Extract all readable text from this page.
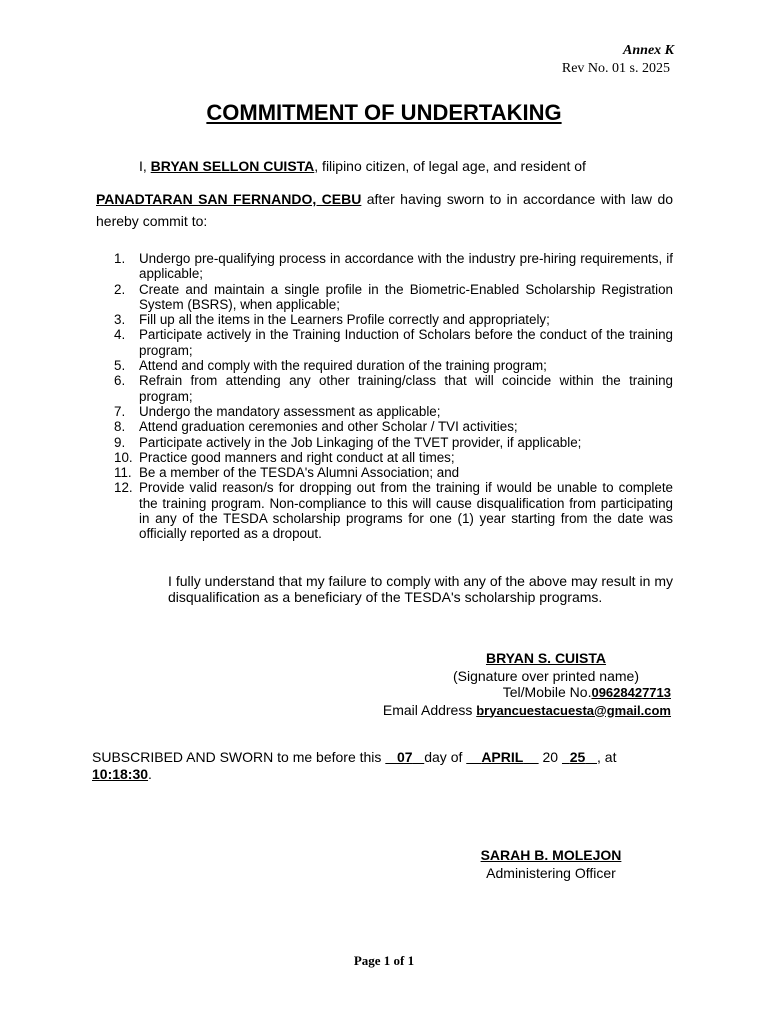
Annex K
Rev No. 01 s. 2025
COMMITMENT OF UNDERTAKING
I, BRYAN SELLON CUISTA, filipino citizen, of legal age, and resident of
PANADTARAN SAN FERNANDO, CEBU after having sworn to in accordance with law do hereby commit to:
1. Undergo pre-qualifying process in accordance with the industry pre-hiring requirements, if applicable;
2. Create and maintain a single profile in the Biometric-Enabled Scholarship Registration System (BSRS), when applicable;
3. Fill up all the items in the Learners Profile correctly and appropriately;
4. Participate actively in the Training Induction of Scholars before the conduct of the training program;
5. Attend and comply with the required duration of the training program;
6. Refrain from attending any other training/class that will coincide within the training program;
7. Undergo the mandatory assessment as applicable;
8. Attend graduation ceremonies and other Scholar / TVI activities;
9. Participate actively in the Job Linkaging of the TVET provider, if applicable;
10. Practice good manners and right conduct at all times;
11. Be a member of the TESDA's Alumni Association; and
12. Provide valid reason/s for dropping out from the training if would be unable to complete the training program. Non-compliance to this will cause disqualification from participating in any of the TESDA scholarship programs for one (1) year starting from the date was officially reported as a dropout.
I fully understand that my failure to comply with any of the above may result in my disqualification as a beneficiary of the TESDA's scholarship programs.
BRYAN S. CUISTA
(Signature over printed name)
Tel/Mobile No.09628427713
Email Address bryancuestacuesta@gmail.com
SUBSCRIBED AND SWORN to me before this    07 day of     APRIL     20   25 , at
10:18:30.
SARAH B. MOLEJON
Administering Officer
Page 1 of 1
